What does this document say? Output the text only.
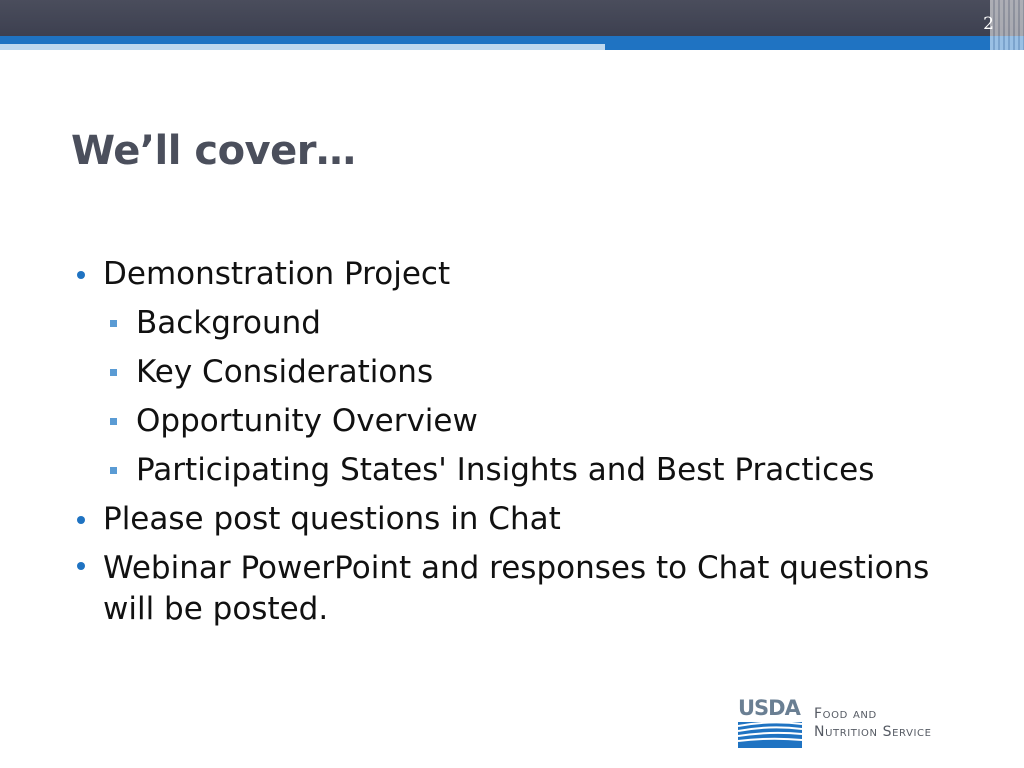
2
We’ll cover…
Demonstration Project
Background
Key Considerations
Opportunity Overview
Participating States' Insights and Best Practices
Please post questions in Chat
Webinar PowerPoint and responses to Chat questions will be posted.
USDA Food and
Nutrition Service
